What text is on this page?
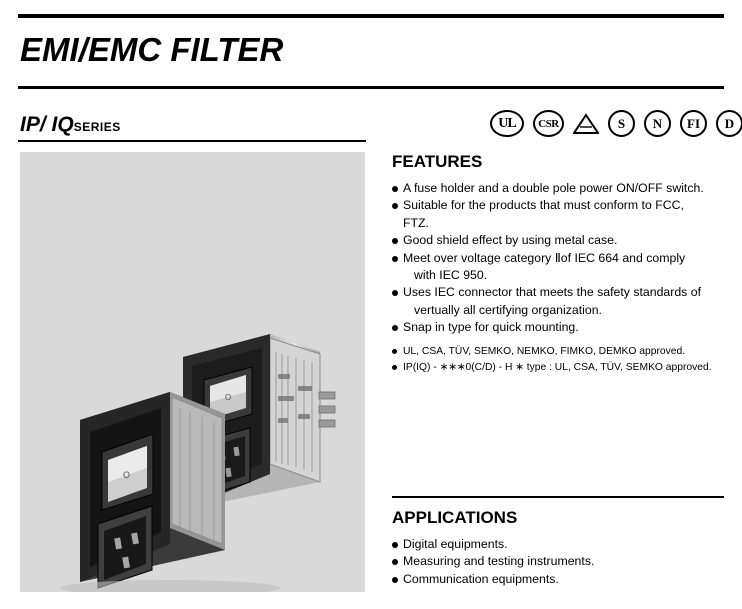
EMI/EMC FILTER
IP/ IQSERIES	UL CSR	S N FI D
O
O
FEATURES
A fuse holder and a double pole power ON/OFF switch.
Suitable for the products that must conform to FCC, FTZ.
Good shield effect by using metal case.
Meet over voltage category Ⅱof IEC 664 and comply
with IEC 950.
Uses IEC connector that meets the safety standards of
vertually all certifying organization.
Snap in type for quick mounting.
UL, CSA, TÜV, SEMKO, NEMKO, FIMKO, DEMKO approved.
IP(IQ) - ∗∗∗0(C/D) - H ∗ type : UL, CSA, TÜV, SEMKO approved.
APPLICATIONS
Digital equipments.
Measuring and testing instruments.
Communication equipments.
